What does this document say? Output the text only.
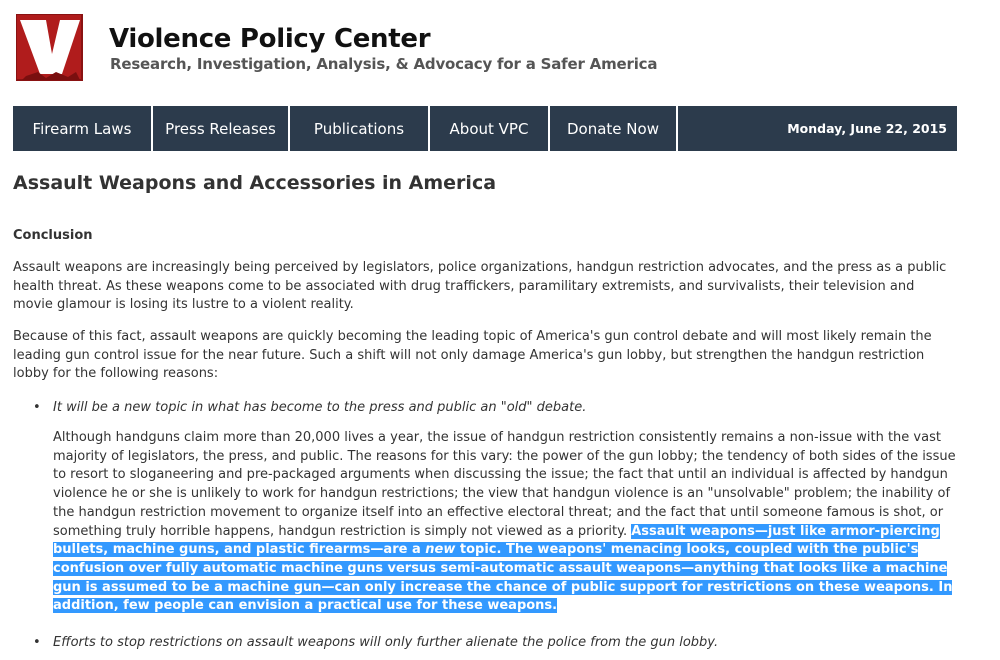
Violence Policy Center
Research, Investigation, Analysis, & Advocacy for a Safer America
Firearm Laws	Press Releases	Publications	About VPC	Donate Now	Monday, June 22, 2015
Assault Weapons and Accessories in America
Conclusion

Assault weapons are increasingly being perceived by legislators, police organizations, handgun restriction advocates, and the press as a public health threat. As these weapons come to be associated with drug traffickers, paramilitary extremists, and survivalists, their television and movie glamour is losing its lustre to a violent reality.

Because of this fact, assault weapons are quickly becoming the leading topic of America's gun control debate and will most likely remain the leading gun control issue for the near future. Such a shift will not only damage America's gun lobby, but strengthen the handgun restriction lobby for the following reasons:

• It will be a new topic in what has become to the press and public an "old" debate.

Although handguns claim more than 20,000 lives a year, the issue of handgun restriction consistently remains a non-issue with the vast majority of legislators, the press, and public. The reasons for this vary: the power of the gun lobby; the tendency of both sides of the issue to resort to sloganeering and pre-packaged arguments when discussing the issue; the fact that until an individual is affected by handgun violence he or she is unlikely to work for handgun restrictions; the view that handgun violence is an "unsolvable" problem; the inability of the handgun restriction movement to organize itself into an effective electoral threat; and the fact that until someone famous is shot, or something truly horrible happens, handgun restriction is simply not viewed as a priority. Assault weapons—just like armor-piercing bullets, machine guns, and plastic firearms—are a new topic. The weapons' menacing looks, coupled with the public's confusion over fully automatic machine guns versus semi-automatic assault weapons—anything that looks like a machine gun is assumed to be a machine gun—can only increase the chance of public support for restrictions on these weapons. In addition, few people can envision a practical use for these weapons.

• Efforts to stop restrictions on assault weapons will only further alienate the police from the gun lobby.
